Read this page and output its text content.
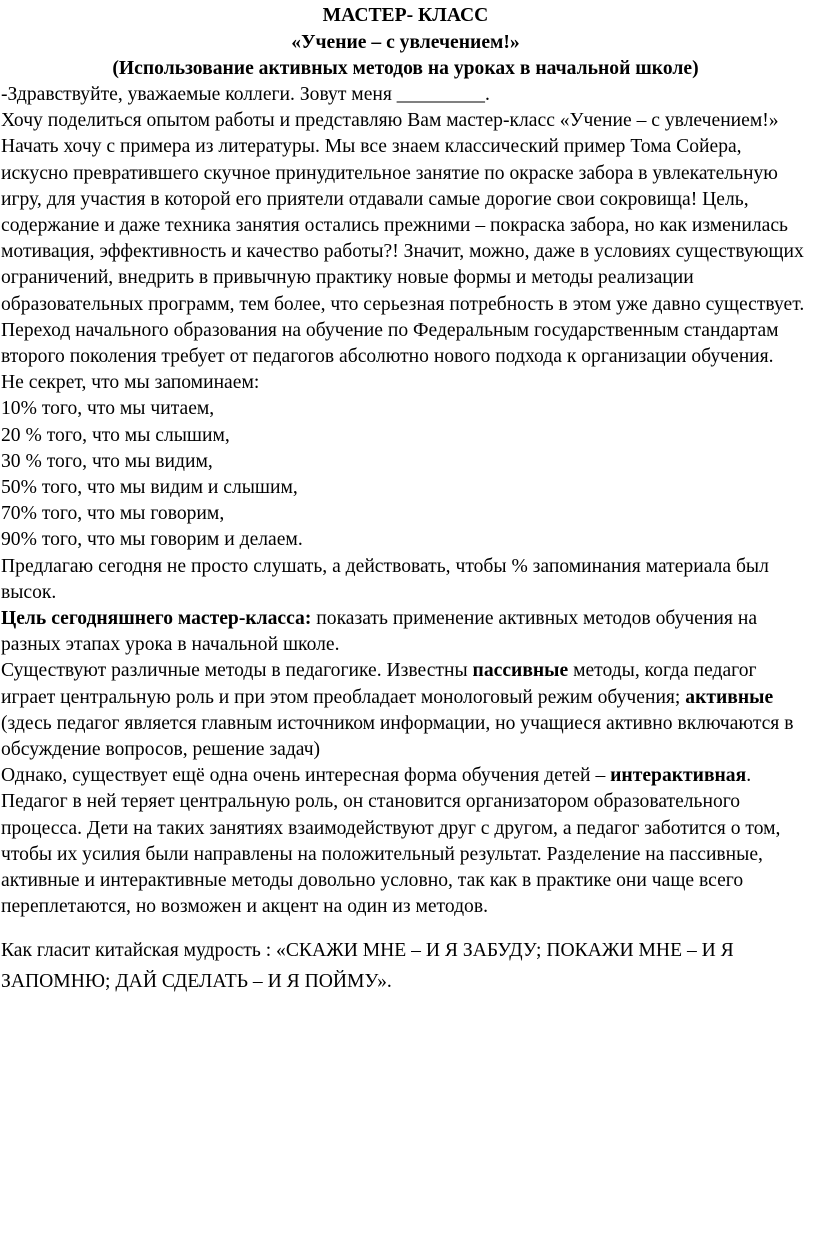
МАСТЕР- КЛАСС
«Учение – с увлечением!»
(Использование активных методов на уроках в начальной школе)

-Здравствуйте, уважаемые коллеги. Зовут меня _________.

Хочу поделиться опытом работы и представляю Вам мастер-класс «Учение – с увлечением!»

Начать хочу с примера из литературы. Мы все знаем классический пример Тома Сойера, искусно превратившего скучное принудительное занятие по окраске забора в увлекательную игру, для участия в которой его приятели отдавали самые дорогие свои сокровища! Цель, содержание и даже техника занятия остались прежними – покраска забора, но как изменилась мотивация, эффективность и качество работы?! Значит, можно, даже в условиях существующих ограничений, внедрить в привычную практику новые формы и методы реализации образовательных программ, тем более, что серьезная потребность в этом уже давно существует.

Переход начального образования на обучение по Федеральным государственным стандартам второго поколения требует от педагогов абсолютно нового подхода к организации обучения.

Не секрет, что мы запоминаем:

10% того, что мы читаем,

20 % того, что мы слышим,

30 % того, что мы видим,

50% того, что мы видим и слышим,

70% того, что мы говорим,

90% того, что мы говорим и делаем.

Предлагаю сегодня не просто слушать, а действовать, чтобы % запоминания материала был высок.

Цель сегодняшнего мастер-класса: показать применение активных методов обучения на разных этапах урока в начальной школе.

Существуют различные методы в педагогике. Известны пассивные методы, когда педагог играет центральную роль и при этом преобладает монологовый режим обучения; активные (здесь педагог является главным источником информации, но учащиеся активно включаются в обсуждение вопросов, решение задач)

Однако, существует ещё одна очень интересная форма обучения детей – интерактивная. Педагог в ней теряет центральную роль, он становится организатором образовательного процесса. Дети на таких занятиях взаимодействуют друг с другом, а педагог заботится о том, чтобы их усилия были направлены на положительный результат. Разделение на пассивные, активные и интерактивные методы довольно условно, так как в практике они чаще всего переплетаются, но возможен и акцент на один из методов.

Как гласит китайская мудрость : «СКАЖИ МНЕ – И Я ЗАБУДУ; ПОКАЖИ МНЕ – И Я ЗАПОМНЮ; ДАЙ СДЕЛАТЬ – И Я ПОЙМУ».
